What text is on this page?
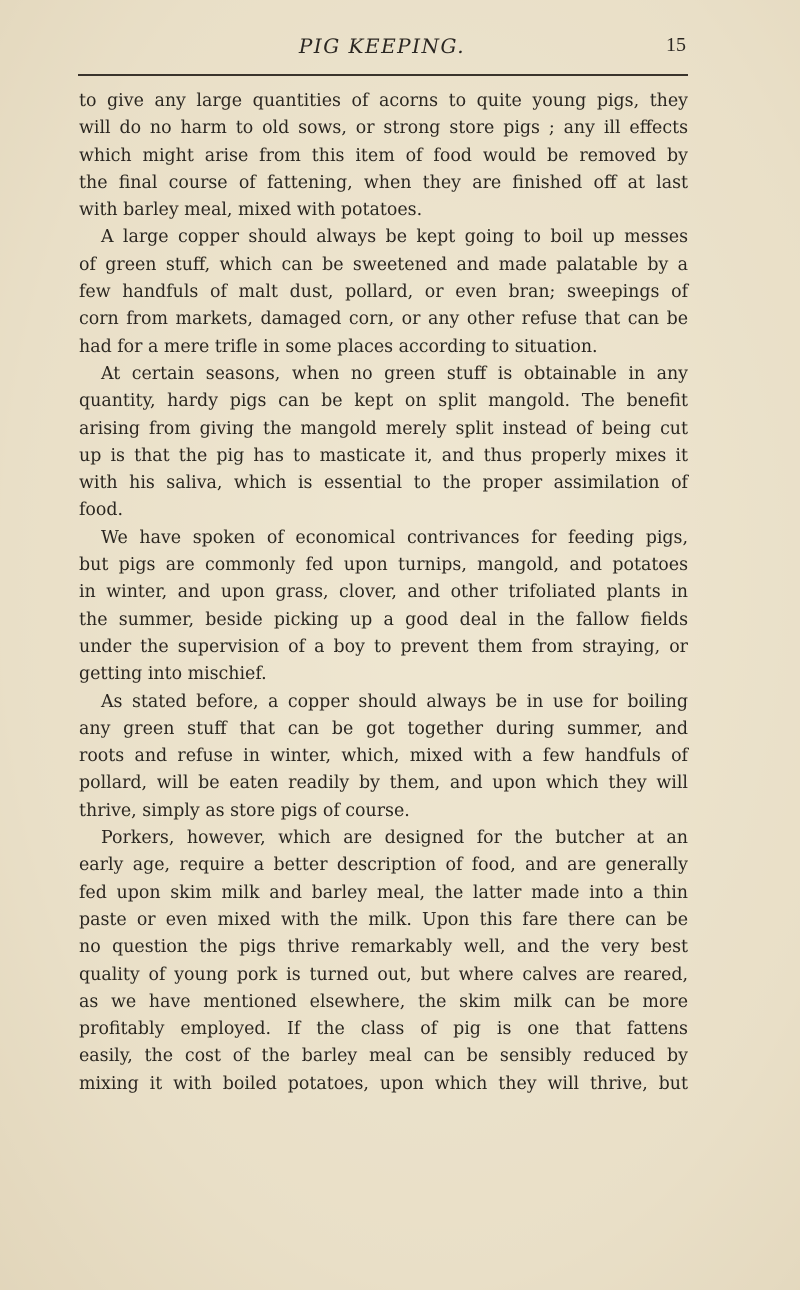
PIG KEEPING.	15
to give any large quantities of acorns to quite young pigs, they
will do no harm to old sows, or strong store pigs ; any ill effects
which might arise from this item of food would be removed by
the final course of fattening, when they are finished off at last
with barley meal, mixed with potatoes.
A large copper should always be kept going to boil up messes
of green stuff, which can be sweetened and made palatable by a
few handfuls of malt dust, pollard, or even bran; sweepings of
corn from markets, damaged corn, or any other refuse that can be
had for a mere trifle in some places according to situation.
At certain seasons, when no green stuff is obtainable in any
quantity, hardy pigs can be kept on split mangold. The benefit
arising from giving the mangold merely split instead of being cut
up is that the pig has to masticate it, and thus properly mixes it
with his saliva, which is essential to the proper assimilation of
food.
We have spoken of economical contrivances for feeding pigs,
but pigs are commonly fed upon turnips, mangold, and potatoes
in winter, and upon grass, clover, and other trifoliated plants in
the summer, beside picking up a good deal in the fallow fields
under the supervision of a boy to prevent them from straying, or
getting into mischief.
As stated before, a copper should always be in use for boiling
any green stuff that can be got together during summer, and
roots and refuse in winter, which, mixed with a few handfuls of
pollard, will be eaten readily by them, and upon which they will
thrive, simply as store pigs of course.
Porkers, however, which are designed for the butcher at an
early age, require a better description of food, and are generally
fed upon skim milk and barley meal, the latter made into a thin
paste or even mixed with the milk. Upon this fare there can be
no question the pigs thrive remarkably well, and the very best
quality of young pork is turned out, but where calves are reared,
as we have mentioned elsewhere, the skim milk can be more
profitably employed. If the class of pig is one that fattens
easily, the cost of the barley meal can be sensibly reduced by
mixing it with boiled potatoes, upon which they will thrive, but
